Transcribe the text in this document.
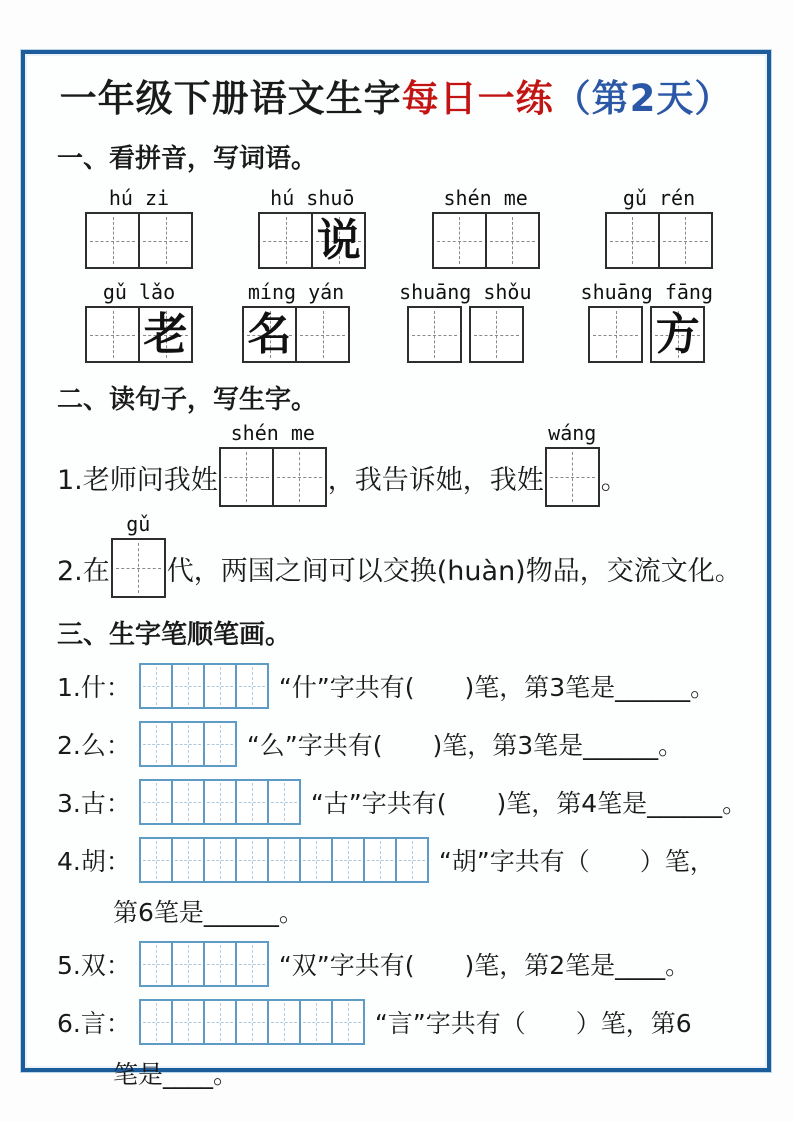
一年级下册语文生字每日一练（第2天）
一、看拼音，写词语。
hú zi	hú shuō
说
shén me	gǔ rén
gǔ lǎo
老
míng yán
名
shuāng shǒu shuāng fāng
方
二、读句子，写生字。
1.老师问我姓
shén me
，我告诉她，我姓
wáng
。
2.在
gǔ
代，两国之间可以交换(huàn)物品，交流文化。
三、生字笔顺笔画。
1.什：	“什”字共有(　　)笔，第3笔是______。
2.么：	“么”字共有(　　)笔，第3笔是______。
3.古：	“古”字共有(　　)笔，第4笔是______。
4.胡：	“胡”字共有（　　）笔，
第6笔是______。
5.双：	“双”字共有(　　)笔，第2笔是____。
6.言：	“言”字共有（　　）笔，第6
笔是____。
